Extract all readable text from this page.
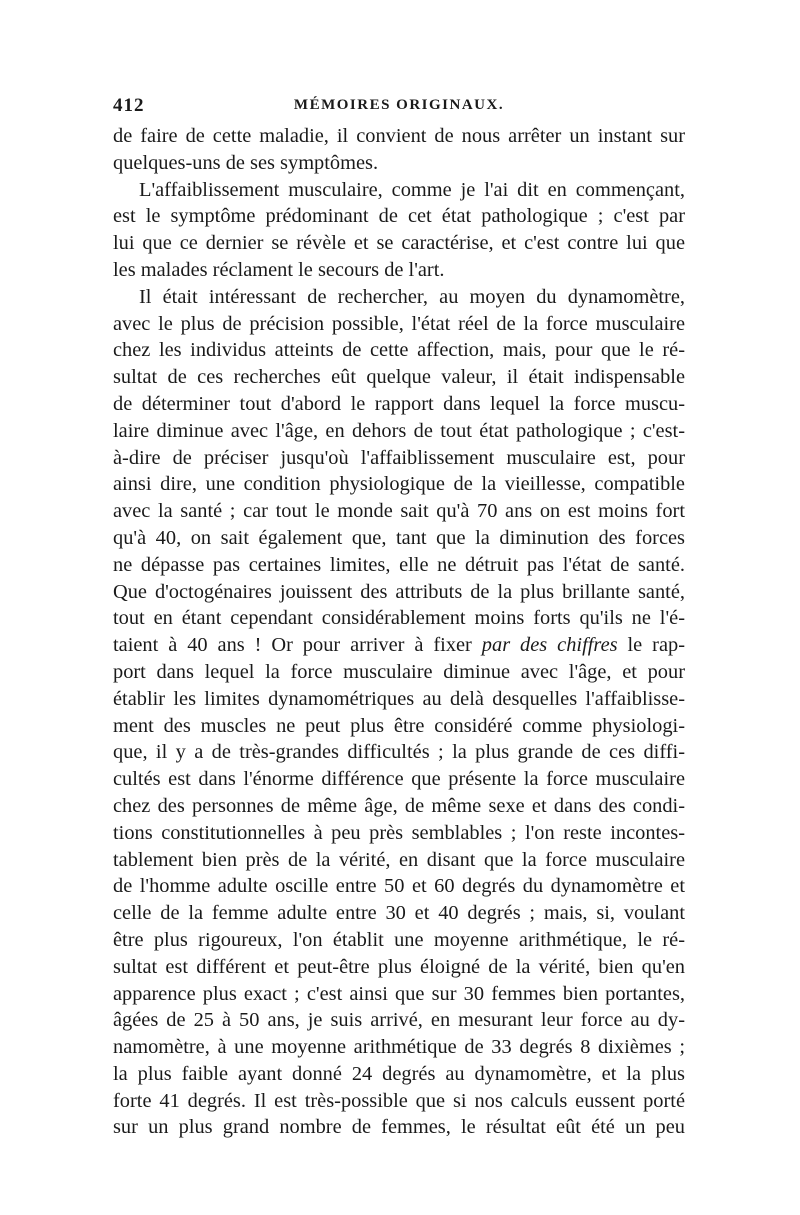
412	MÉMOIRES ORIGINAUX.
de faire de cette maladie, il convient de nous arrêter un instant sur
quelques-uns de ses symptômes.
L'affaiblissement musculaire, comme je l'ai dit en commençant,
est le symptôme prédominant de cet état pathologique ; c'est par
lui que ce dernier se révèle et se caractérise, et c'est contre lui que
les malades réclament le secours de l'art.
Il était intéressant de rechercher, au moyen du dynamomètre,
avec le plus de précision possible, l'état réel de la force musculaire
chez les individus atteints de cette affection, mais, pour que le ré-
sultat de ces recherches eût quelque valeur, il était indispensable
de déterminer tout d'abord le rapport dans lequel la force muscu-
laire diminue avec l'âge, en dehors de tout état pathologique ; c'est-
à-dire de préciser jusqu'où l'affaiblissement musculaire est, pour
ainsi dire, une condition physiologique de la vieillesse, compatible
avec la santé ; car tout le monde sait qu'à 70 ans on est moins fort
qu'à 40, on sait également que, tant que la diminution des forces
ne dépasse pas certaines limites, elle ne détruit pas l'état de santé.
Que d'octogénaires jouissent des attributs de la plus brillante santé,
tout en étant cependant considérablement moins forts qu'ils ne l'é-
taient à 40 ans ! Or pour arriver à fixer par des chiffres le rap-
port dans lequel la force musculaire diminue avec l'âge, et pour
établir les limites dynamométriques au delà desquelles l'affaiblisse-
ment des muscles ne peut plus être considéré comme physiologi-
que, il y a de très-grandes difficultés ; la plus grande de ces diffi-
cultés est dans l'énorme différence que présente la force musculaire
chez des personnes de même âge, de même sexe et dans des condi-
tions constitutionnelles à peu près semblables ; l'on reste incontes-
tablement bien près de la vérité, en disant que la force musculaire
de l'homme adulte oscille entre 50 et 60 degrés du dynamomètre et
celle de la femme adulte entre 30 et 40 degrés ; mais, si, voulant
être plus rigoureux, l'on établit une moyenne arithmétique, le ré-
sultat est différent et peut-être plus éloigné de la vérité, bien qu'en
apparence plus exact ; c'est ainsi que sur 30 femmes bien portantes,
âgées de 25 à 50 ans, je suis arrivé, en mesurant leur force au dy-
namomètre, à une moyenne arithmétique de 33 degrés 8 dixièmes ;
la plus faible ayant donné 24 degrés au dynamomètre, et la plus
forte 41 degrés. Il est très-possible que si nos calculs eussent porté
sur un plus grand nombre de femmes, le résultat eût été un peu
